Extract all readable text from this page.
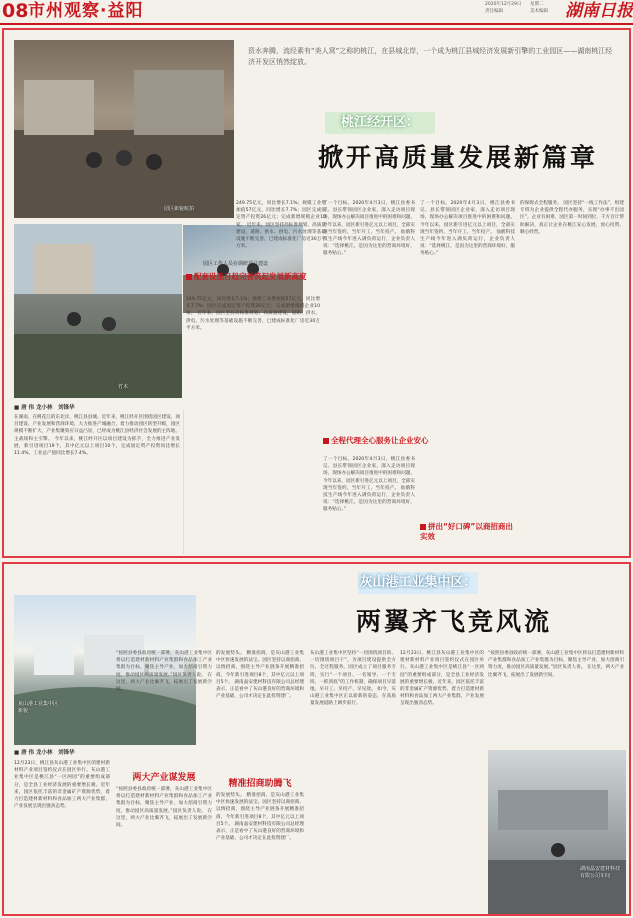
08 市州观察·益阳	2020年12月29日 星期二
责任编辑	美术编辑 湖南日报
园区新貌航拍
资水奔腾，流经素有“美人窝”之称的桃江，在县城北岸，一个成为桃江县城经济发展新引擎的工业园区——湖南桃江经济开发区悄然绽放。
桃江经开区：
掀开高质量发展新篇章
竹木
园区工作人员在调研项目建设
■ 唐 伟 龙小林　刘锋华
在湖南，在桃花江的东北岸，桃江县县城。近年来，桃江经开区围绕园区建设、项目建设、产业发展和营商环境，大力推进产城融合，着力推动园区转型升级，园区规模不断扩大，产业集聚效应日益凸显，已经成为桃江县经济社会发展的主阵地、主战场和主引擎。 今年以来，桃江经开区以项目建设为抓手，全力推进产业发展，新引进项目19个，其中亿元以上项目10个，完成固定资产投资同比增长11.4%，工业总产值同比增长7.4%。
249.75亿元，同比增长7.1%；规模工业增加值57亿元，同比增长7.7%；园区完成固定资产投资26亿元；完成新增规模企业10家。 近年来，园区坚持高标准规划、高质量建设，道路、供水、供电、污水处理等基础设施不断完善，已建成标准化厂房近30万平方米。
配套设施日趋完善筑起发展新高度
249.75亿元，同比增长7.1%；规模工业增加值57亿元，同比增长7.7%；园区完成固定资产投资26亿元；完成新增规模企业10家。 近年来，园区坚持高标准规划、高质量建设，道路、供水、供电、污水处理等基础设施不断完善，已建成标准化厂房近30万平方米。
全程代理全心服务让企业安心
了一个目标。2020年4月3日，桃江县委书记、县长带领园区企业家，深入走访项目现场，现场办公解决项目推进中的困难和问题。今年以来，园区新引进亿元以上项目，全部实现当年签约、当年开工、当年投产。 仙鹤科技生产线今年进入满负荷运行，企业负责人说：“选择桃江，是因为这里的营商环境好，服务贴心。”
了一个目标。2020年4月3日，桃江县委书记、县长带领园区企业家，深入走访项目现场，现场办公解决项目推进中的困难和问题。今年以来，园区新引进亿元以上项目，全部实现当年签约、当年开工、当年投产。 仙鹤科技生产线今年进入满负荷运行，企业负责人说：“选择桃江，是因为这里的营商环境好，服务贴心。”
了一个目标。2020年4月3日，桃江县委书记、县长带领园区企业家，深入走访项目现场，现场办公解决项目推进中的困难和问题。今年以来，园区新引进亿元以上项目，全部实现当年签约、当年开工、当年投产。 仙鹤科技生产线今年进入满负荷运行，企业负责人说：“选择桃江，是因为这里的营商环境好，服务贴心。”
拼出“好口碑”以商招商出实效
的保姆式全程服务。 园区坚持“一线工作法”，组建专班为企业提供全程代办服务，实现“办事不出园区”。企业有困难，园区第一时间到位，千方百计帮助解决，真正让企业在桃江安心发展、放心投资、顺心经营。
灰山港工业集中区：
两翼齐飞竞风流
灰山港工业集中区新貌
■ 唐 伟 龙小林　刘锋华
12月23日，桃江县灰山港工业集中区的建材新材料产业项目签约仪式在园区举行。灰山港工业集中区是桃江县“一区两园”的重要组成部分，是全县工业经济发展的重要增长极。近年来，园区依托丰富的非金属矿产资源优势，着力打造建材新材料和食品加工两大产业集群，产业发展呈现出强劲态势。
“按照县委县政府统一部署，灰山港工业集中区将以打造建材新材料产业集群和食品加工产业集群为目标，聚焦主导产业，加大招商引资力度，推动园区高质量发展。”园区负责人说。 在这里，两大产业比翼齐飞，拓展出了发展新空间。
两大产业谋发展
“按照县委县政府统一部署，灰山港工业集中区将以打造建材新材料产业集群和食品加工产业集群为目标，聚焦主导产业，加大招商引资力度，推动园区高质量发展。”园区负责人说。 在这里，两大产业比翼齐飞，拓展出了发展新空间。
的发展势头。 精准招商，是灰山港工业集中区快速发展的法宝。园区坚持以商招商、以情招商，围绕主导产业链条开展精准招商，今年新引进项目8个，其中亿元以上项目5个。 湖南晶安建材科技有限公司总经理表示，正是看中了灰山港良好的营商环境和产业基础，公司才决定在此投资建厂。
精准招商助腾飞
的发展势头。 精准招商，是灰山港工业集中区快速发展的法宝。园区坚持以商招商、以情招商，围绕主导产业链条开展精准招商，今年新引进项目8个，其中亿元以上项目5个。 湖南晶安建材科技有限公司总经理表示，正是看中了灰山港良好的营商环境和产业基础，公司才决定在此投资建厂。
灰山港工业集中区坚持“一切围绕项目转、一切围绕项目干”，为项目建设提供全方位、全过程服务。园区成立了项目服务专班，实行“一个项目、一名领导、一个专班、一抓到底”的工作机制，确保项目早落地、早开工、早投产、早见效。 如今，灰山港工业集中区正以崭新的姿态，在高质量发展道路上阔步前行。
12月23日，桃江县灰山港工业集中区的建材新材料产业项目签约仪式在园区举行。灰山港工业集中区是桃江县“一区两园”的重要组成部分，是全县工业经济发展的重要增长极。近年来，园区依托丰富的非金属矿产资源优势，着力打造建材新材料和食品加工两大产业集群，产业发展呈现出强劲态势。
“按照县委县政府统一部署，灰山港工业集中区将以打造建材新材料产业集群和食品加工产业集群为目标，聚焦主导产业，加大招商引资力度，推动园区高质量发展。”园区负责人说。 在这里，两大产业比翼齐飞，拓展出了发展新空间。
湖南晶安建材科技有限公司车间
